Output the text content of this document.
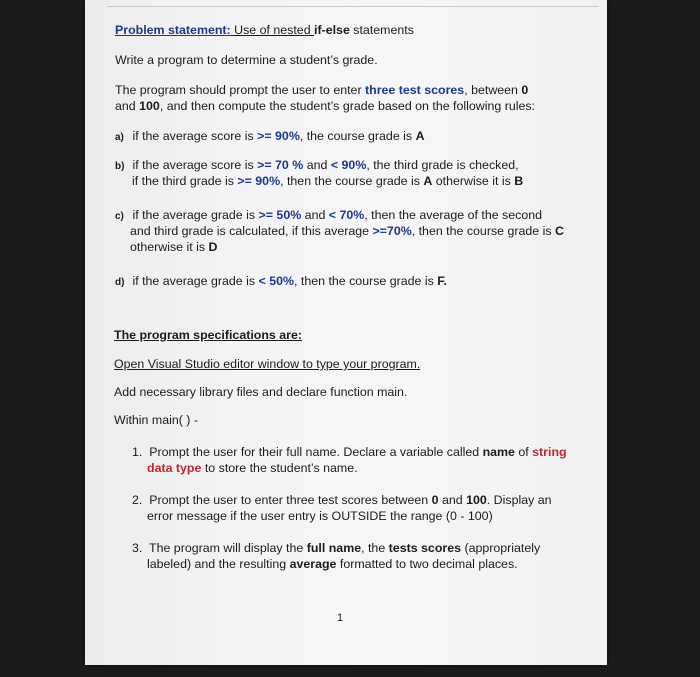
Problem statement: Use of nested if-else statements
Write a program to determine a student’s grade.
The program should prompt the user to enter three test scores, between 0
and 100, and then compute the student’s grade based on the following rules:
a) if the average score is >= 90%, the course grade is A
b) if the average score is >= 70 % and < 90%, the third grade is checked,
if the third grade is >= 90%, then the course grade is A otherwise it is B
c) if the average grade is >= 50% and < 70%, then the average of the second
and third grade is calculated, if this average >=70%, then the course grade is C
otherwise it is D
d) if the average grade is < 50%, then the course grade is F.
The program specifications are:
Open Visual Studio editor window to type your program.
Add necessary library files and declare function main.
Within main( ) -
1. Prompt the user for their full name. Declare a variable called name of string
data type to store the student’s name.
2. Prompt the user to enter three test scores between 0 and 100. Display an
error message if the user entry is OUTSIDE the range (0 - 100)
3. The program will display the full name, the tests scores (appropriately
labeled) and the resulting average formatted to two decimal places.
1
